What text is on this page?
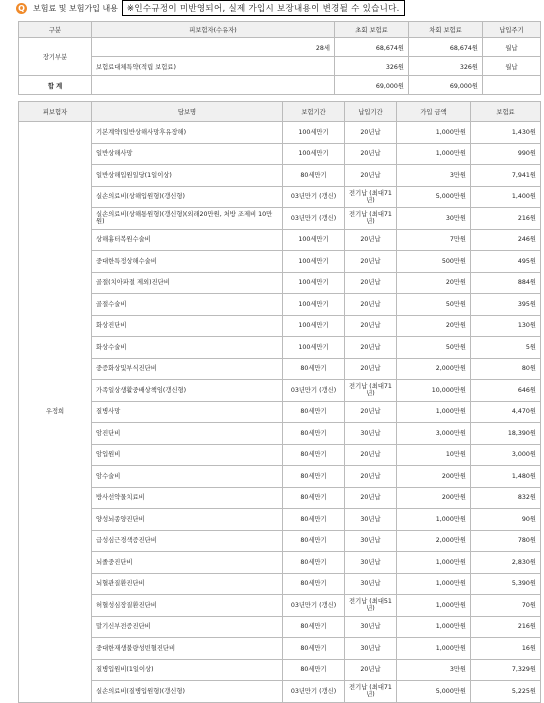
Q 보험료 및 보험가입 내용	※인수규정이 미반영되어, 실제 가입시 보장내용이 변경될 수 있습니다.
구분	피보험자(수유자)	초회 보험료	차회 보험료	납입주기
장기부분	28세	68,674원	68,674원	월납
	보험료대체특약(적립 보험료)	326원	326원	월납
합 계		69,000원	69,000원	
피보험자	담보명	보험기간	납입기간	가입 금액	보험료
우정희	기본계약(일반상해사망후유장해)	100세만기	20년납	1,000만원	1,430원
	일반상해사망	100세만기	20년납	1,000만원	990원
	일반상해입원일당(1일이상)	80세만기	20년납	3만원	7,941원
	실손의료비(상해입원형)(갱신형)	03년만기 (갱신)	전기납 (최대71년)	5,000만원	1,400원
	실손의료비(상해통원형)(갱신형)(외래20만원, 처방 조제비 10만원)	03년만기 (갱신)	전기납 (최대71년)	30만원	216원
	상해흉터복원수술비	100세만기	20년납	7만원	246원
	중대한특정상해수술비	100세만기	20년납	500만원	495원
	골절(치아파절 제외)진단비	100세만기	20년납	20만원	884원
	골절수술비	100세만기	20년납	50만원	395원
	화상진단비	100세만기	20년납	20만원	130원
	화상수술비	100세만기	20년납	50만원	5원
	중증화상및부식진단비	80세만기	20년납	2,000만원	80원
	가족일상생활중배상책임(갱신형)	03년만기 (갱신)	전기납 (최대71년)	10,000만원	646원
	질병사망	80세만기	20년납	1,000만원	4,470원
	암진단비	80세만기	30년납	3,000만원	18,390원
	암입원비	80세만기	20년납	10만원	3,000원
	암수술비	80세만기	20년납	200만원	1,480원
	방사선약물치료비	80세만기	20년납	200만원	832원
	양성뇌종양진단비	80세만기	30년납	1,000만원	90원
	급성심근경색증진단비	80세만기	30년납	2,000만원	780원
	뇌졸중진단비	80세만기	30년납	1,000만원	2,830원
	뇌혈관질환진단비	80세만기	30년납	1,000만원	5,390원
	허혈성심장질환진단비	03년만기 (갱신)	전기납 (최대51년)	1,000만원	70원
	말기신부전증진단비	80세만기	30년납	1,000만원	216원
	중대한재생불량성빈혈진단비	80세만기	30년납	1,000만원	16원
	질병입원비(1일이상)	80세만기	20년납	3만원	7,329원
	실손의료비(질병입원형)(갱신형)	03년만기 (갱신)	전기납 (최대71년)	5,000만원	5,225원
